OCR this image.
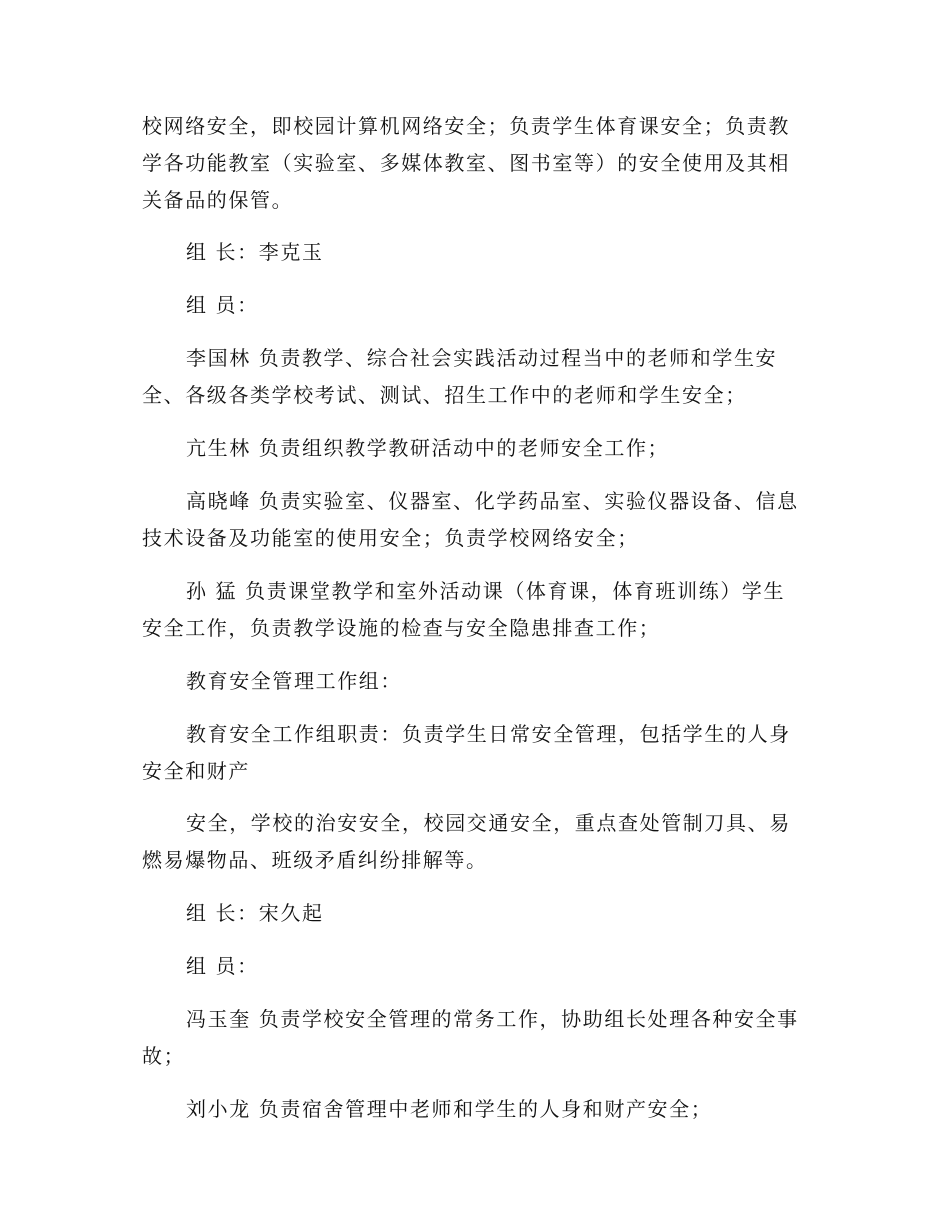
校网络安全，即校园计算机网络安全；负责学生体育课安全；负责教
学各功能教室（实验室、多媒体教室、图书室等）的安全使用及其相
关备品的保管。
组 长：李克玉
组 员：
李国林 负责教学、综合社会实践活动过程当中的老师和学生安
全、各级各类学校考试、测试、招生工作中的老师和学生安全；
亢生林 负责组织教学教研活动中的老师安全工作；
高晓峰 负责实验室、仪器室、化学药品室、实验仪器设备、信息
技术设备及功能室的使用安全；负责学校网络安全；
孙 猛 负责课堂教学和室外活动课（体育课，体育班训练）学生
安全工作，负责教学设施的检查与安全隐患排查工作；
教育安全管理工作组：
教育安全工作组职责：负责学生日常安全管理，包括学生的人身
安全和财产
安全，学校的治安安全，校园交通安全，重点查处管制刀具、易
燃易爆物品、班级矛盾纠纷排解等。
组 长：宋久起
组 员：
冯玉奎 负责学校安全管理的常务工作，协助组长处理各种安全事
故；
刘小龙 负责宿舍管理中老师和学生的人身和财产安全；
